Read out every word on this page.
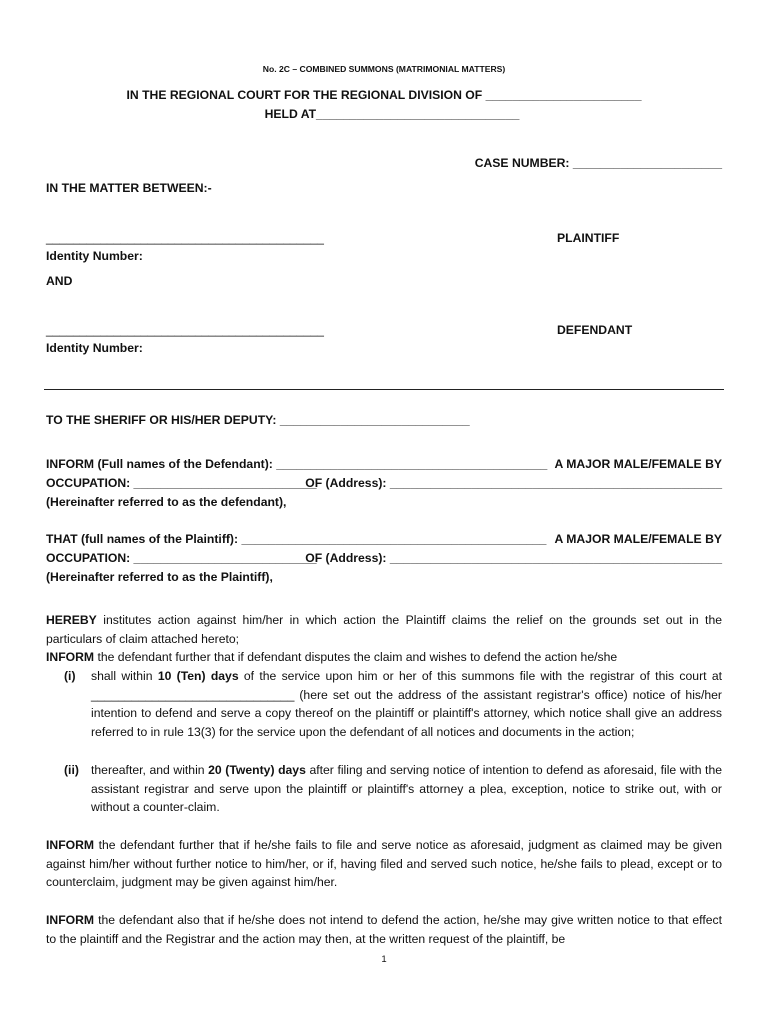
No. 2C – COMBINED SUMMONS (MATRIMONIAL MATTERS)
IN THE REGIONAL COURT FOR THE REGIONAL DIVISION OF _______________________
HELD AT______________________________
CASE NUMBER: ______________________
IN THE MATTER BETWEEN:-
_________________________________________	PLAINTIFF
Identity Number:
AND
_________________________________________	DEFENDANT
Identity Number:
TO THE SHERIFF OR HIS/HER DEPUTY: ____________________________
INFORM (Full names of the Defendant): ________________________________________ A MAJOR MALE/FEMALE BY
OCCUPATION: ___________________________
OF (Address): _________________________________________________
(Hereinafter referred to as the defendant),
THAT (full names of the Plaintiff): _____________________________________________ A MAJOR MALE/FEMALE BY
OCCUPATION: ___________________________
OF (Address): _________________________________________________
(Hereinafter referred to as the Plaintiff),

HEREBY institutes action against him/her in which action the Plaintiff claims the relief on the grounds set out in the particulars of claim attached hereto;

INFORM the defendant further that if defendant disputes the claim and wishes to defend the action he/she

(i) shall within 10 (Ten) days of the service upon him or her of this summons file with the registrar of this court at ______________________________ (here set out the address of the assistant registrar's office) notice of his/her intention to defend and serve a copy thereof on the plaintiff or plaintiff's attorney, which notice shall give an address referred to in rule 13(3) for the service upon the defendant of all notices and documents in the action;
(ii) thereafter, and within 20 (Twenty) days after filing and serving notice of intention to defend as aforesaid, file with the assistant registrar and serve upon the plaintiff or plaintiff's attorney a plea, exception, notice to strike out, with or without a counter-claim.

INFORM the defendant further that if he/she fails to file and serve notice as aforesaid, judgment as claimed may be given against him/her without further notice to him/her, or if, having filed and served such notice, he/she fails to plead, except or to counterclaim, judgment may be given against him/her.

INFORM the defendant also that if he/she does not intend to defend the action, he/she may give written notice to that effect to the plaintiff and the Registrar and the action may then, at the written request of the plaintiff, be

1
